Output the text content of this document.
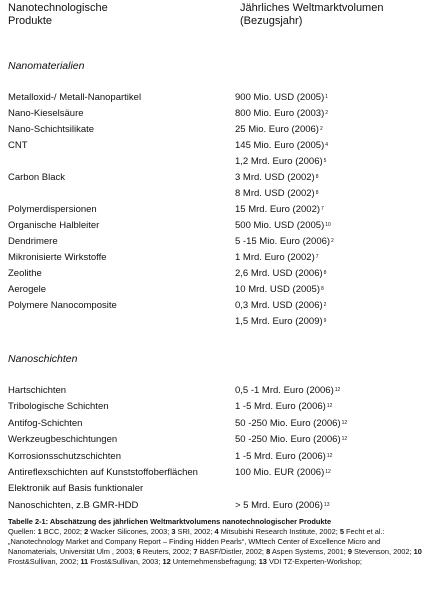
Nanotechnologische
Produkte
Jährliches Weltmarktvolumen
(Bezugsjahr)
Nanomaterialien
Metalloxid-/ Metall-Nanopartikel	900 Mio. USD $(2005)^1$
Nano-Kieselsäure	800 Mio. Euro $(2003)^2$
Nano-Schichtsilikate	25 Mio. Euro $(2006)^2$
CNT	145 Mio. Euro $(2005)^4$
1,2 Mrd. Euro $(2006)^5$
Carbon Black	3 Mrd. USD $(2002)^8$
8 Mrd. USD $(2002)^8$
Polymerdispersionen	15 Mrd. Euro $(2002)^7$
Organische Halbleiter	500 Mio. USD $(2005)^{10}$
Dendrimere	5 -15 Mio. Euro $(2006)^2$
Mikronisierte Wirkstoffe	1 Mrd. Euro $(2002)^7$
Zeolithe	2,6 Mrd. USD $(2006)^8$
Aerogele	10 Mrd. USD $(2005)^8$
Polymere Nanocomposite	0,3 Mrd. USD $(2006)^2$
1,5 Mrd. Euro $(2009)^9$
Nanoschichten
Hartschichten	0,5 -1 Mrd. Euro $(2006)^{12}$
Tribologische Schichten	1 -5 Mrd. Euro $(2006)^{12}$
Antifog-Schichten	50 -250 Mio. Euro $(2006)^{12}$
Werkzeugbeschichtungen	50 -250 Mio. Euro $(2006)^{12}$
Korrosionsschutzschichten	1 -5 Mrd. Euro $(2006)^{12}$
Antireflexschichten auf Kunststoffoberflächen	100 Mio. EUR $(2006)^{12}$
Elektronik auf Basis funktionaler
Nanoschichten, z.B GMR-HDD	> 5 Mrd. Euro $(2006)^{13}$
Tabelle 2-1: Abschätzung des jährlichen Weltmarktvolumens nanotechnologischer Produkte
Quellen: 1 BCC, 2002; 2 Wacker Silicones, 2003; 3 SRI, 2002; 4 Mitsubishi Research Institute, 2002; 5 Fecht et al.: „Nanotechnology Market and Company Report – Finding Hidden Pearls“, WMtech Center of Excellence Micro and Nanomaterials, Universität Ulm , 2003; 6 Reuters, 2002; 7 BASF/Distler, 2002; 8 Aspen Systems, 2001; 9 Stevenson, 2002; 10 Frost&Sullivan, 2002; 11 Frost&Sullivan, 2003; 12 Unternehmensbefragung; 13 VDI TZ-Experten-Workshop;
